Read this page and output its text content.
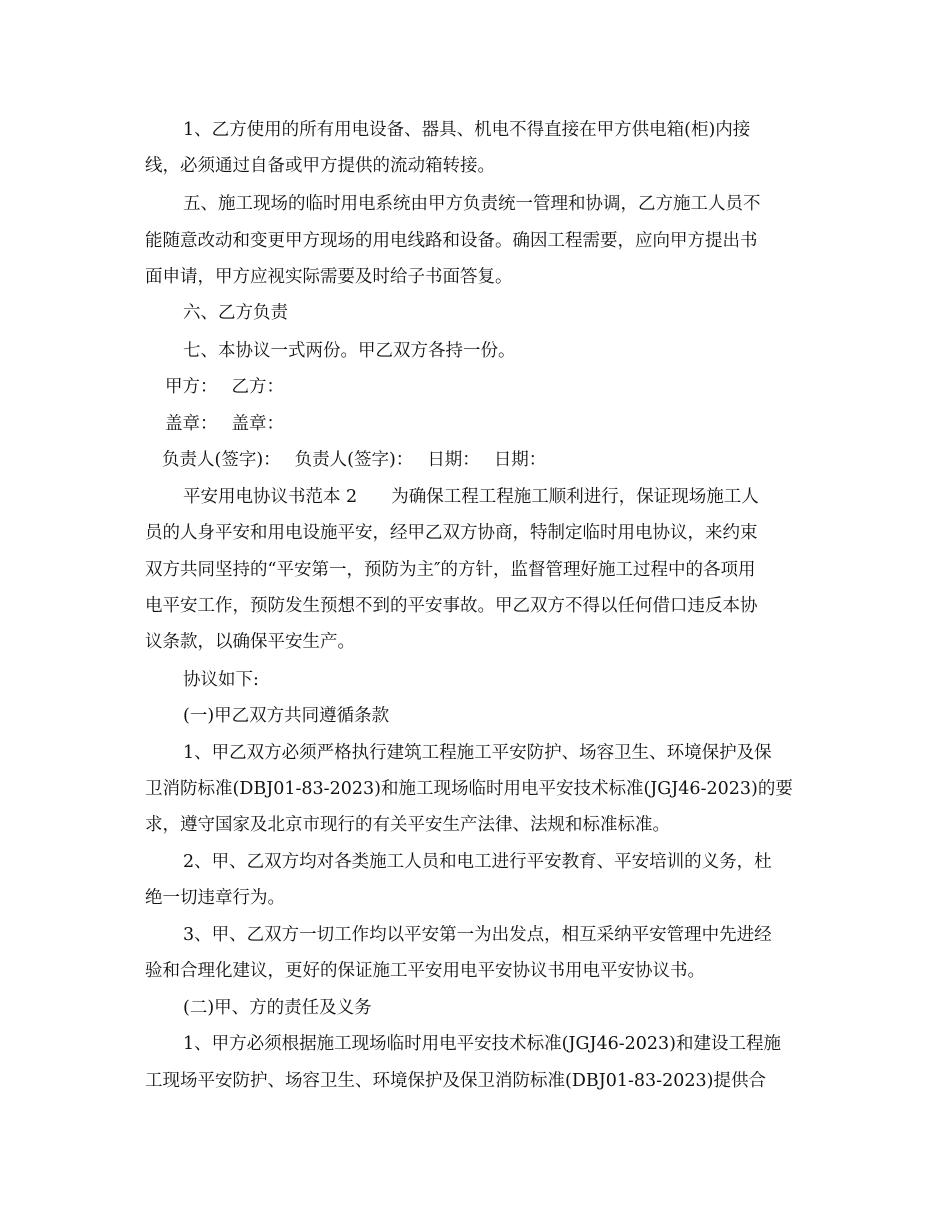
1、乙方使用的所有用电设备、器具、机电不得直接在甲方供电箱(柜)内接
线，必须通过自备或甲方提供的流动箱转接。
五、施工现场的临时用电系统由甲方负责统一管理和协调，乙方施工人员不
能随意改动和变更甲方现场的用电线路和设备。确因工程需要，应向甲方提出书
面申请，甲方应视实际需要及时给子书面答复。
六、乙方负责
七、本协议一式两份。甲乙双方各持一份。
甲方： 乙方：
盖章： 盖章：
负责人(签字)： 负责人(签字)： 日期： 日期：
平安用电协议书范本 2 为确保工程工程施工顺利进行，保证现场施工人
员的人身平安和用电设施平安，经甲乙双方协商，特制定临时用电协议，来约束
双方共同坚持的“平安第一，预防为主″的方针，监督管理好施工过程中的各项用
电平安工作，预防发生预想不到的平安事故。甲乙双方不得以任何借口违反本协
议条款，以确保平安生产。
协议如下:
(一)甲乙双方共同遵循条款
1、甲乙双方必须严格执行建筑工程施工平安防护、场容卫生、环境保护及保
卫消防标准(DBJ01-83-2023)和施工现场临时用电平安技术标准(JGJ46-2023)的要
求，遵守国家及北京市现行的有关平安生产法律、法规和标准标准。
2、甲、乙双方均对各类施工人员和电工进行平安教育、平安培训的义务，杜
绝一切违章行为。
3、甲、乙双方一切工作均以平安第一为出发点，相互采纳平安管理中先进经
验和合理化建议，更好的保证施工平安用电平安协议书用电平安协议书。
(二)甲、方的责任及义务
1、甲方必须根据施工现场临时用电平安技术标准(JGJ46-2023)和建设工程施
工现场平安防护、场容卫生、环境保护及保卫消防标准(DBJ01-83-2023)提供合
